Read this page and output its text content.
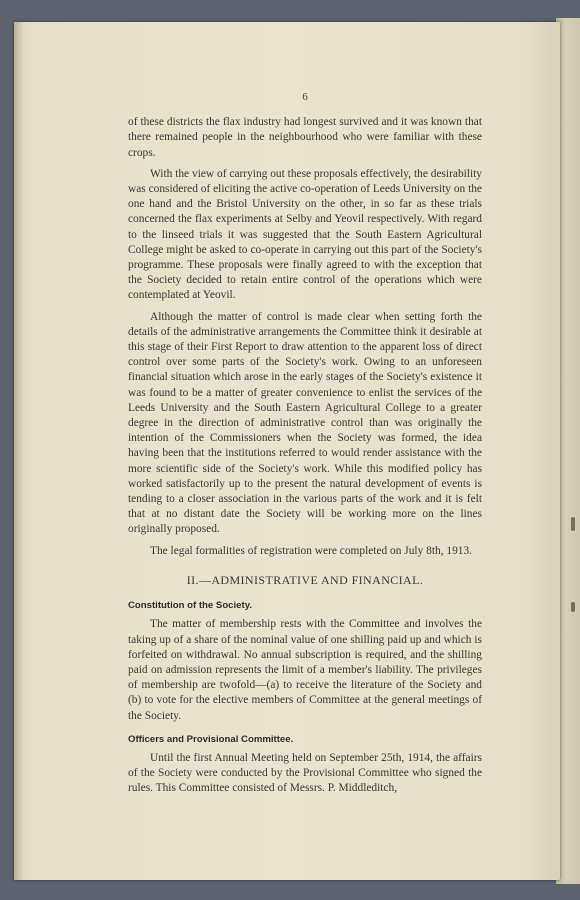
6

of these districts the flax industry had longest survived and it was known that there remained people in the neighbourhood who were familiar with these crops.

With the view of carrying out these proposals effectively, the desirability was considered of eliciting the active co-operation of Leeds University on the one hand and the Bristol University on the other, in so far as these trials concerned the flax experiments at Selby and Yeovil respectively. With regard to the linseed trials it was suggested that the South Eastern Agricultural College might be asked to co-operate in carrying out this part of the Society's programme. These proposals were finally agreed to with the exception that the Society decided to retain entire control of the operations which were contemplated at Yeovil.

Although the matter of control is made clear when setting forth the details of the administrative arrangements the Committee think it desirable at this stage of their First Report to draw attention to the apparent loss of direct control over some parts of the Society's work. Owing to an unforeseen financial situation which arose in the early stages of the Society's existence it was found to be a matter of greater convenience to enlist the services of the Leeds University and the South Eastern Agricultural College to a greater degree in the direction of administrative control than was originally the intention of the Commissioners when the Society was formed, the idea having been that the institutions referred to would render assistance with the more scientific side of the Society's work. While this modified policy has worked satisfactorily up to the present the natural development of events is tending to a closer association in the various parts of the work and it is felt that at no distant date the Society will be working more on the lines originally proposed.

The legal formalities of registration were completed on July 8th, 1913.

II.—ADMINISTRATIVE AND FINANCIAL.
Constitution of the Society.

The matter of membership rests with the Committee and involves the taking up of a share of the nominal value of one shilling paid up and which is forfeited on withdrawal. No annual subscription is required, and the shilling paid on admission represents the limit of a member's liability. The privileges of membership are twofold—(a) to receive the literature of the Society and (b) to vote for the elective members of Committee at the general meetings of the Society.

Officers and Provisional Committee.

Until the first Annual Meeting held on September 25th, 1914, the affairs of the Society were conducted by the Provisional Committee who signed the rules. This Committee consisted of Messrs. P. Middleditch,
